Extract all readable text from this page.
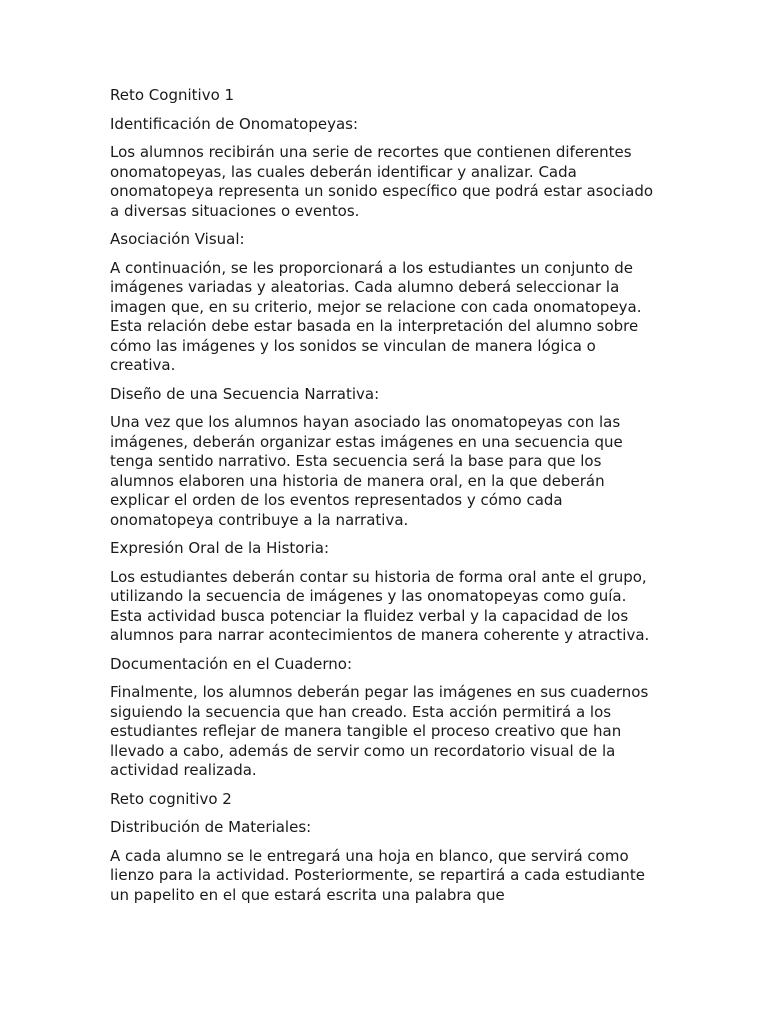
Reto Cognitivo 1

Identificación de Onomatopeyas:

Los alumnos recibirán una serie de recortes que contienen diferentes onomatopeyas, las cuales deberán identificar y analizar. Cada onomatopeya representa un sonido específico que podrá estar asociado a diversas situaciones o eventos.

Asociación Visual:

A continuación, se les proporcionará a los estudiantes un conjunto de imágenes variadas y aleatorias. Cada alumno deberá seleccionar la imagen que, en su criterio, mejor se relacione con cada onomatopeya. Esta relación debe estar basada en la interpretación del alumno sobre cómo las imágenes y los sonidos se vinculan de manera lógica o creativa.

Diseño de una Secuencia Narrativa:

Una vez que los alumnos hayan asociado las onomatopeyas con las imágenes, deberán organizar estas imágenes en una secuencia que tenga sentido narrativo. Esta secuencia será la base para que los alumnos elaboren una historia de manera oral, en la que deberán explicar el orden de los eventos representados y cómo cada onomatopeya contribuye a la narrativa.

Expresión Oral de la Historia:

Los estudiantes deberán contar su historia de forma oral ante el grupo, utilizando la secuencia de imágenes y las onomatopeyas como guía. Esta actividad busca potenciar la fluidez verbal y la capacidad de los alumnos para narrar acontecimientos de manera coherente y atractiva.

Documentación en el Cuaderno:

Finalmente, los alumnos deberán pegar las imágenes en sus cuadernos siguiendo la secuencia que han creado. Esta acción permitirá a los estudiantes reflejar de manera tangible el proceso creativo que han llevado a cabo, además de servir como un recordatorio visual de la actividad realizada.

Reto cognitivo 2

Distribución de Materiales:

A cada alumno se le entregará una hoja en blanco, que servirá como lienzo para la actividad. Posteriormente, se repartirá a cada estudiante un papelito en el que estará escrita una palabra que
